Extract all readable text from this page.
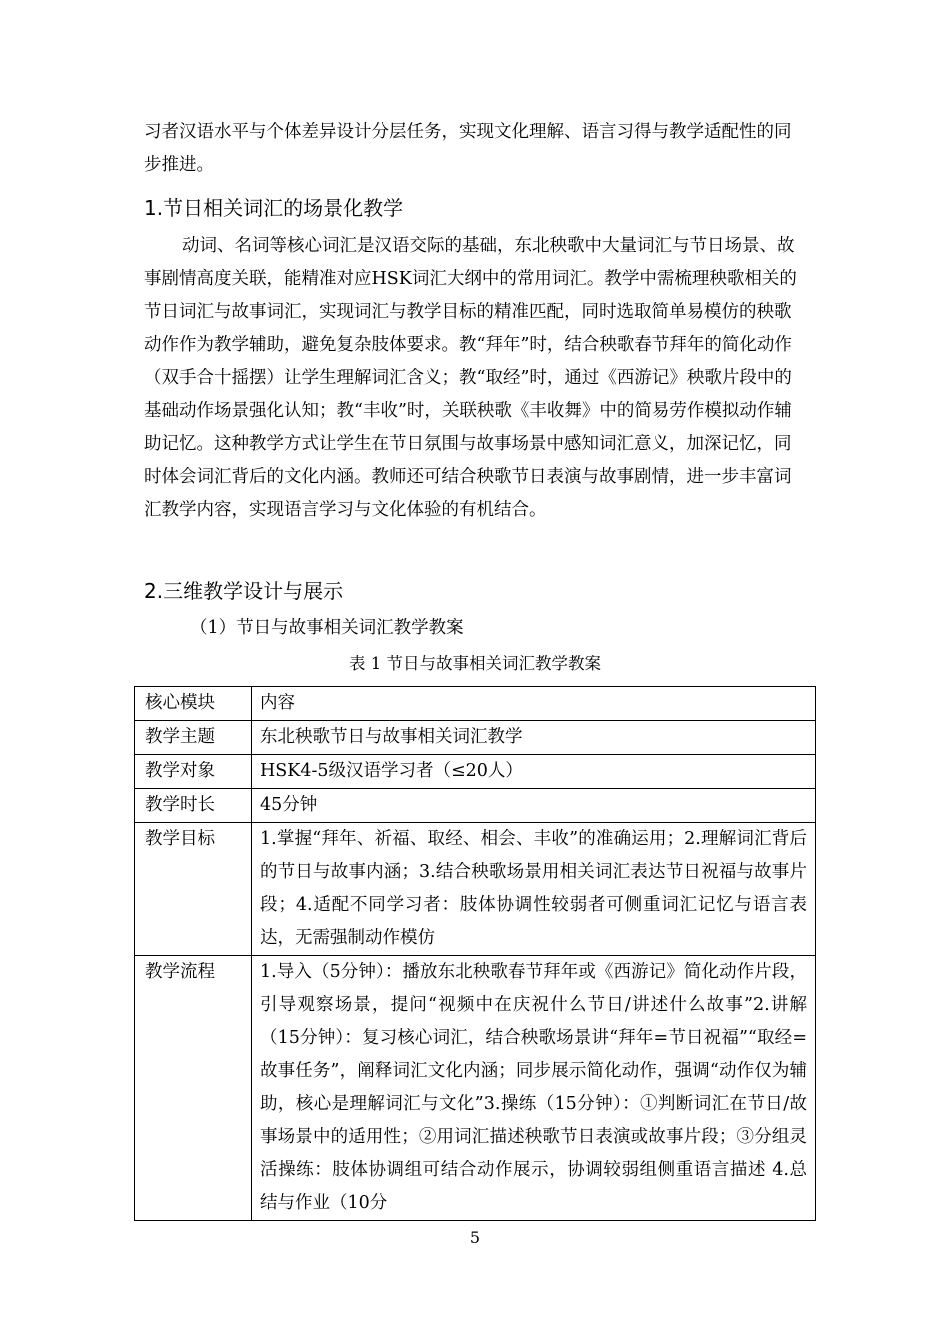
习者汉语水平与个体差异设计分层任务，实现文化理解、语言习得与教学适配性的同步推进。

1.节日相关词汇的场景化教学

动词、名词等核心词汇是汉语交际的基础，东北秧歌中大量词汇与节日场景、故事剧情高度关联，能精准对应HSK词汇大纲中的常用词汇。教学中需梳理秧歌相关的节日词汇与故事词汇，实现词汇与教学目标的精准匹配，同时选取简单易模仿的秧歌动作作为教学辅助，避免复杂肢体要求。教“拜年”时，结合秧歌春节拜年的简化动作（双手合十摇摆）让学生理解词汇含义；教“取经”时，通过《西游记》秧歌片段中的基础动作场景强化认知；教“丰收”时，关联秧歌《丰收舞》中的简易劳作模拟动作辅助记忆。这种教学方式让学生在节日氛围与故事场景中感知词汇意义，加深记忆，同时体会词汇背后的文化内涵。教师还可结合秧歌节日表演与故事剧情，进一步丰富词汇教学内容，实现语言学习与文化体验的有机结合。

2.三维教学设计与展示
（1）节日与故事相关词汇教学教案
表 1 节日与故事相关词汇教学教案
核心模块	内容
教学主题	东北秧歌节日与故事相关词汇教学
教学对象	HSK4-5级汉语学习者（≤20人）
教学时长	45分钟
教学目标	1.掌握“拜年、祈福、取经、相会、丰收”的准确运用；2.理解词汇背后的节日与故事内涵；3.结合秧歌场景用相关词汇表达节日祝福与故事片段；4.适配不同学习者：肢体协调性较弱者可侧重词汇记忆与语言表达，无需强制动作模仿
教学流程	1.导入（5分钟）：播放东北秧歌春节拜年或《西游记》简化动作片段，引导观察场景，提问“视频中在庆祝什么节日/讲述什么故事”2.讲解（15分钟）：复习核心词汇，结合秧歌场景讲“拜年=节日祝福”“取经=故事任务”，阐释词汇文化内涵；同步展示简化动作，强调“动作仅为辅助，核心是理解词汇与文化”3.操练（15分钟）：①判断词汇在节日/故事场景中的适用性；②用词汇描述秧歌节日表演或故事片段；③分组灵活操练：肢体协调组可结合动作展示，协调较弱组侧重语言描述 4.总结与作业（10分
5
